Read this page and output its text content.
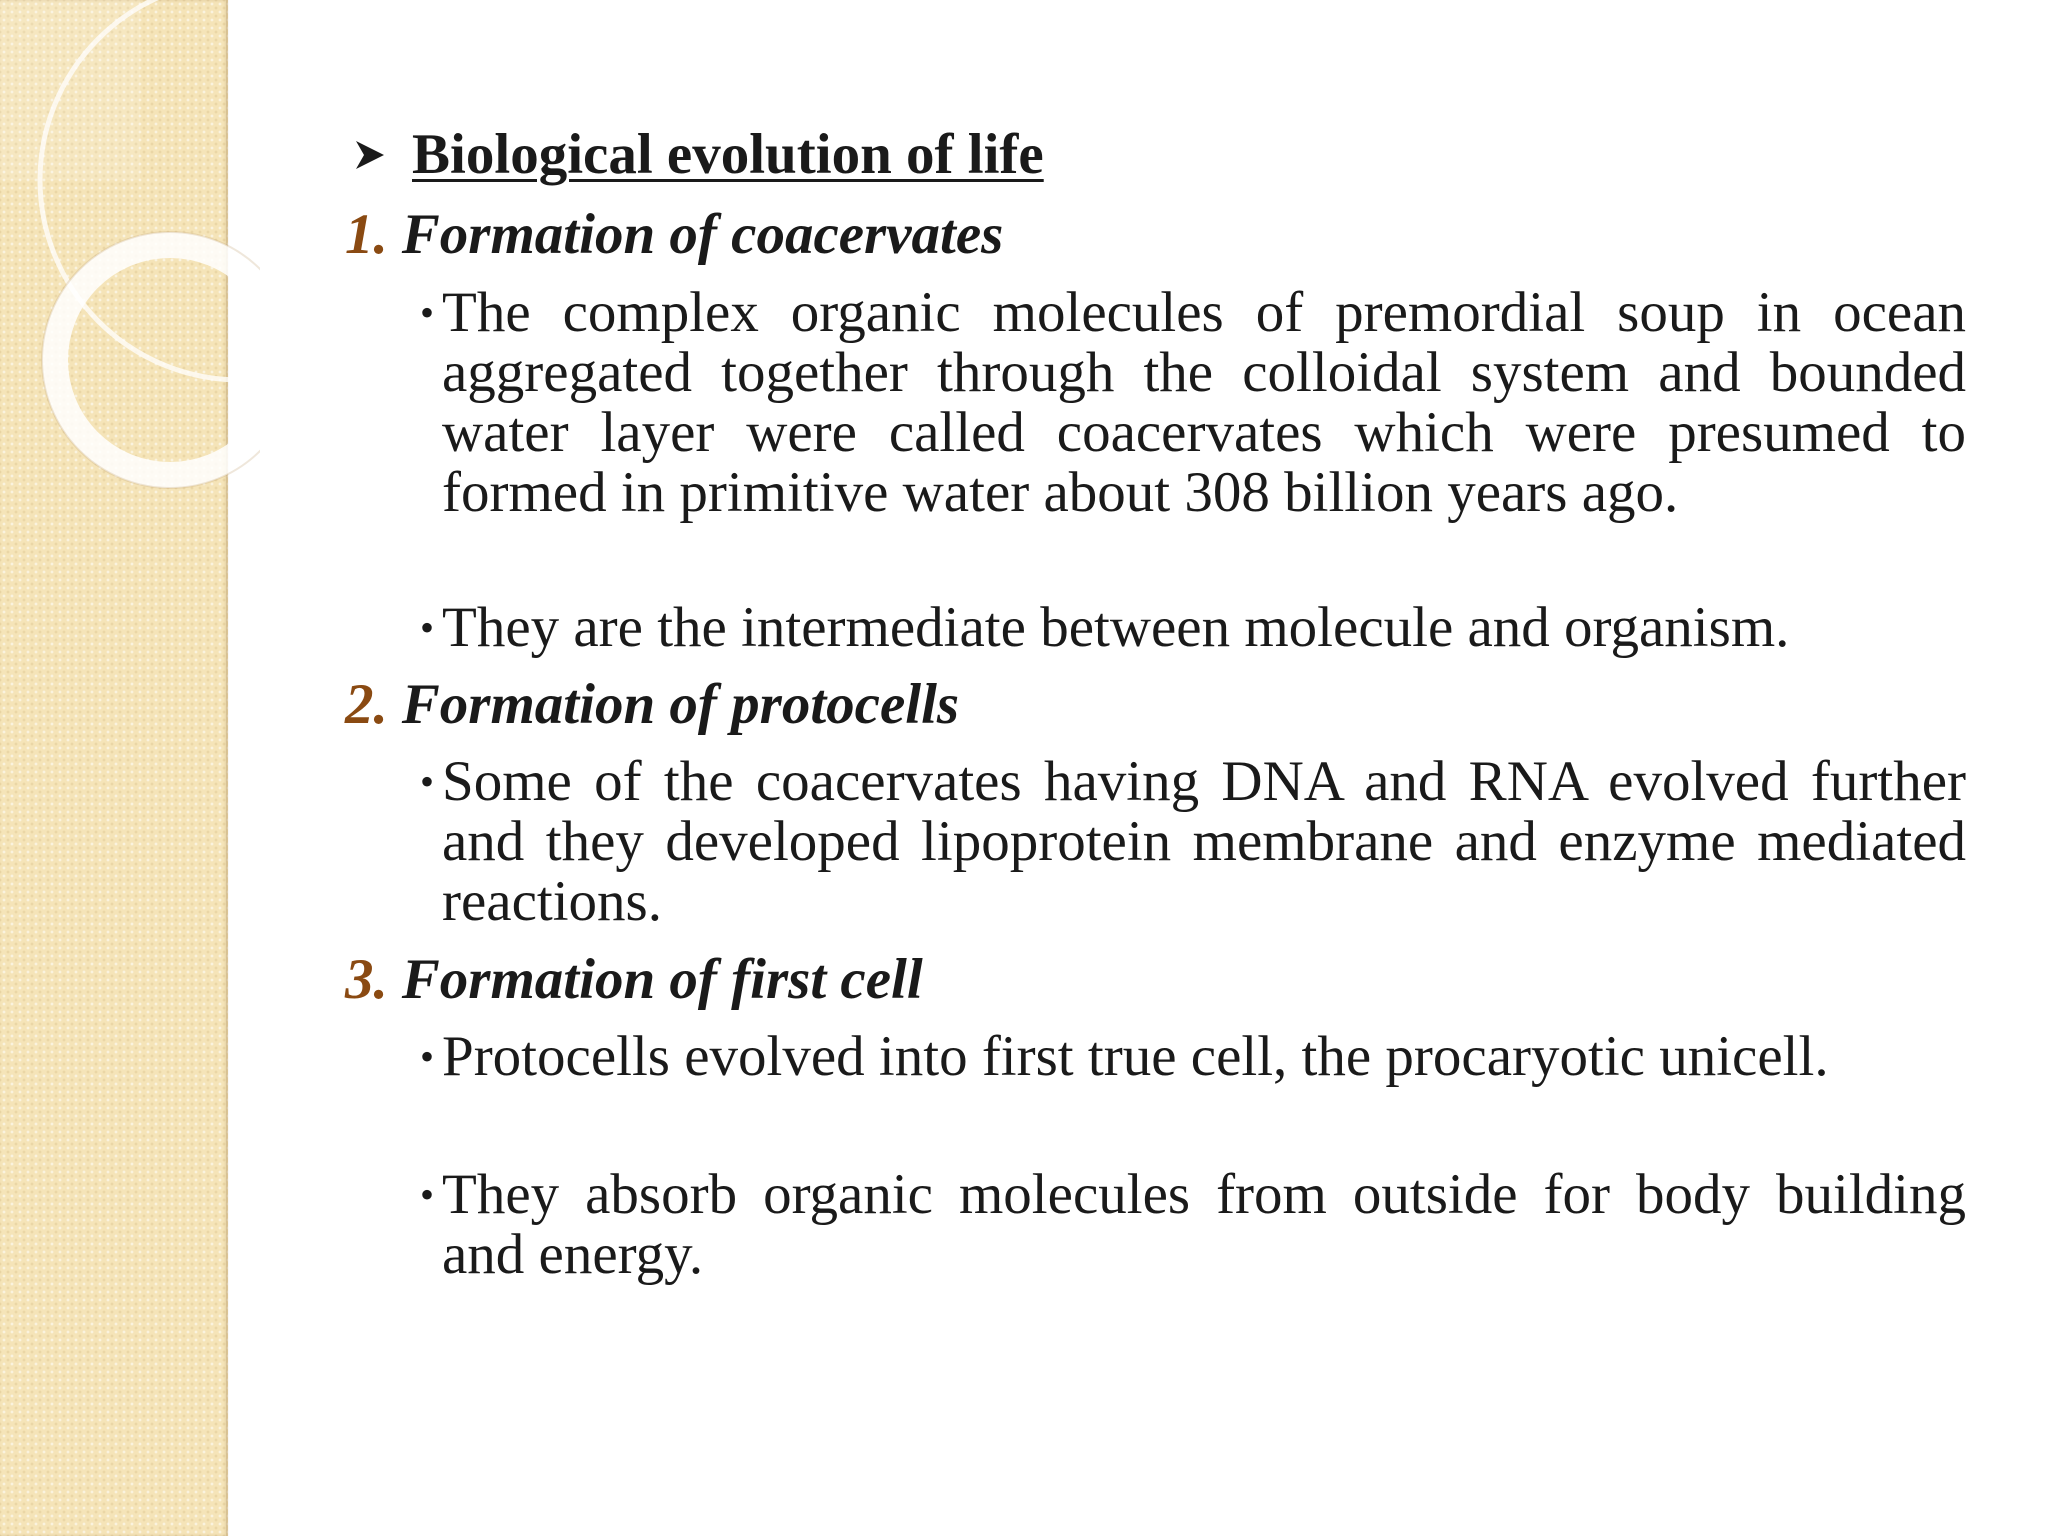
Biological evolution of life
1. Formation of coacervates
• The complex organic molecules of premordial soup in ocean aggregated together through the colloidal system and bounded water layer were called coacervates which were presumed to formed in primitive water about 308 billion years ago.
• They are the intermediate between molecule and organism.
2. Formation of protocells
• Some of the coacervates having DNA and RNA evolved further and they developed lipoprotein membrane and enzyme mediated reactions.
3. Formation of first cell
• Protocells evolved into first true cell, the procaryotic unicell.
• They absorb organic molecules from outside for body building and energy.
